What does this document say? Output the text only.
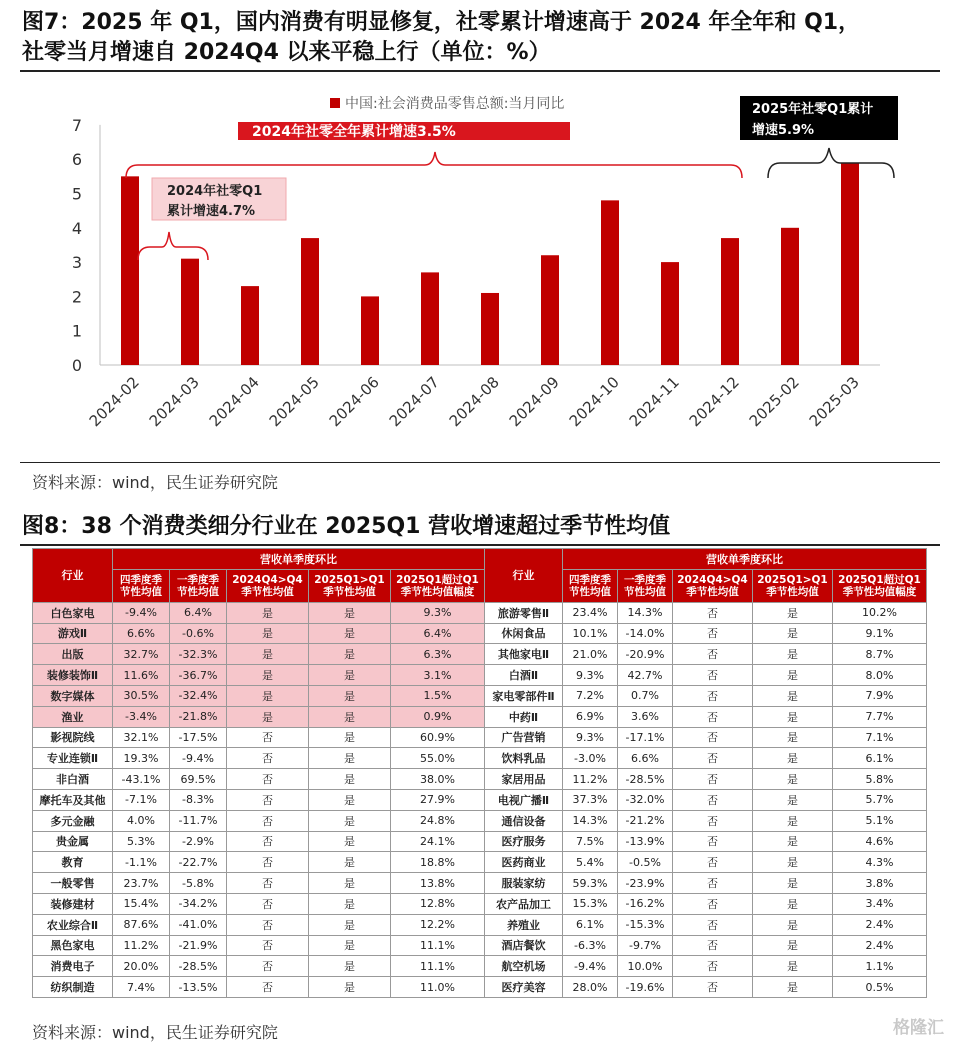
图7：2025 年 Q1，国内消费有明显修复，社零累计增速高于 2024 年全年和 Q1，
社零当月增速自 2024Q4 以来平稳上行（单位：%）
0
1
2
3
4
5
6
7
2024-02 2024-03 2024-04 2024-05 2024-06 2024-07 2024-08 2024-09 2024-10 2024-11 2024-12 2025-02 2025-03
中国:社会消费品零售总额:当月同比
2024年社零全年累计增速3.5%
2024年社零Q1
累计增速4.7%
2025年社零Q1累计
增速5.9%
资料来源：wind，民生证券研究院
图8：38 个消费类细分行业在 2025Q1 营收增速超过季节性均值
行业	营收单季度环比				
	四季度季节性均值	一季度季节性均值	2024Q4>Q4季节性均值	2025Q1>Q1季节性均值	2025Q1超过Q1季节性均值幅度
白色家电	-9.4%	6.4%	是	是	9.3%
游戏Ⅱ	6.6%	-0.6%	是	是	6.4%
出版	32.7%	-32.3%	是	是	6.3%
装修装饰Ⅱ	11.6%	-36.7%	是	是	3.1%
数字媒体	30.5%	-32.4%	是	是	1.5%
渔业	-3.4%	-21.8%	是	是	0.9%
影视院线	32.1%	-17.5%	否	是	60.9%
专业连锁Ⅱ	19.3%	-9.4%	否	是	55.0%
非白酒	-43.1%	69.5%	否	是	38.0%
摩托车及其他	-7.1%	-8.3%	否	是	27.9%
多元金融	4.0%	-11.7%	否	是	24.8%
贵金属	5.3%	-2.9%	否	是	24.1%
教育	-1.1%	-22.7%	否	是	18.8%
一般零售	23.7%	-5.8%	否	是	13.8%
装修建材	15.4%	-34.2%	否	是	12.8%
农业综合Ⅱ	87.6%	-41.0%	否	是	12.2%
黑色家电	11.2%	-21.9%	否	是	11.1%
消费电子	20.0%	-28.5%	否	是	11.1%
纺织制造	7.4%	-13.5%	否	是	11.0%
行业	营收单季度环比				
	四季度季节性均值	一季度季节性均值	2024Q4>Q4季节性均值	2025Q1>Q1季节性均值	2025Q1超过Q1季节性均值幅度
旅游零售Ⅱ	23.4%	14.3%	否	是	10.2%
休闲食品	10.1%	-14.0%	否	是	9.1%
其他家电Ⅱ	21.0%	-20.9%	否	是	8.7%
白酒Ⅱ	9.3%	42.7%	否	是	8.0%
家电零部件Ⅱ	7.2%	0.7%	否	是	7.9%
中药Ⅱ	6.9%	3.6%	否	是	7.7%
广告营销	9.3%	-17.1%	否	是	7.1%
饮料乳品	-3.0%	6.6%	否	是	6.1%
家居用品	11.2%	-28.5%	否	是	5.8%
电视广播Ⅱ	37.3%	-32.0%	否	是	5.7%
通信设备	14.3%	-21.2%	否	是	5.1%
医疗服务	7.5%	-13.9%	否	是	4.6%
医药商业	5.4%	-0.5%	否	是	4.3%
服装家纺	59.3%	-23.9%	否	是	3.8%
农产品加工	15.3%	-16.2%	否	是	3.4%
养殖业	6.1%	-15.3%	否	是	2.4%
酒店餐饮	-6.3%	-9.7%	否	是	2.4%
航空机场	-9.4%	10.0%	否	是	1.1%
医疗美容	28.0%	-19.6%	否	是	0.5%
资料来源：wind，民生证券研究院	格隆汇
